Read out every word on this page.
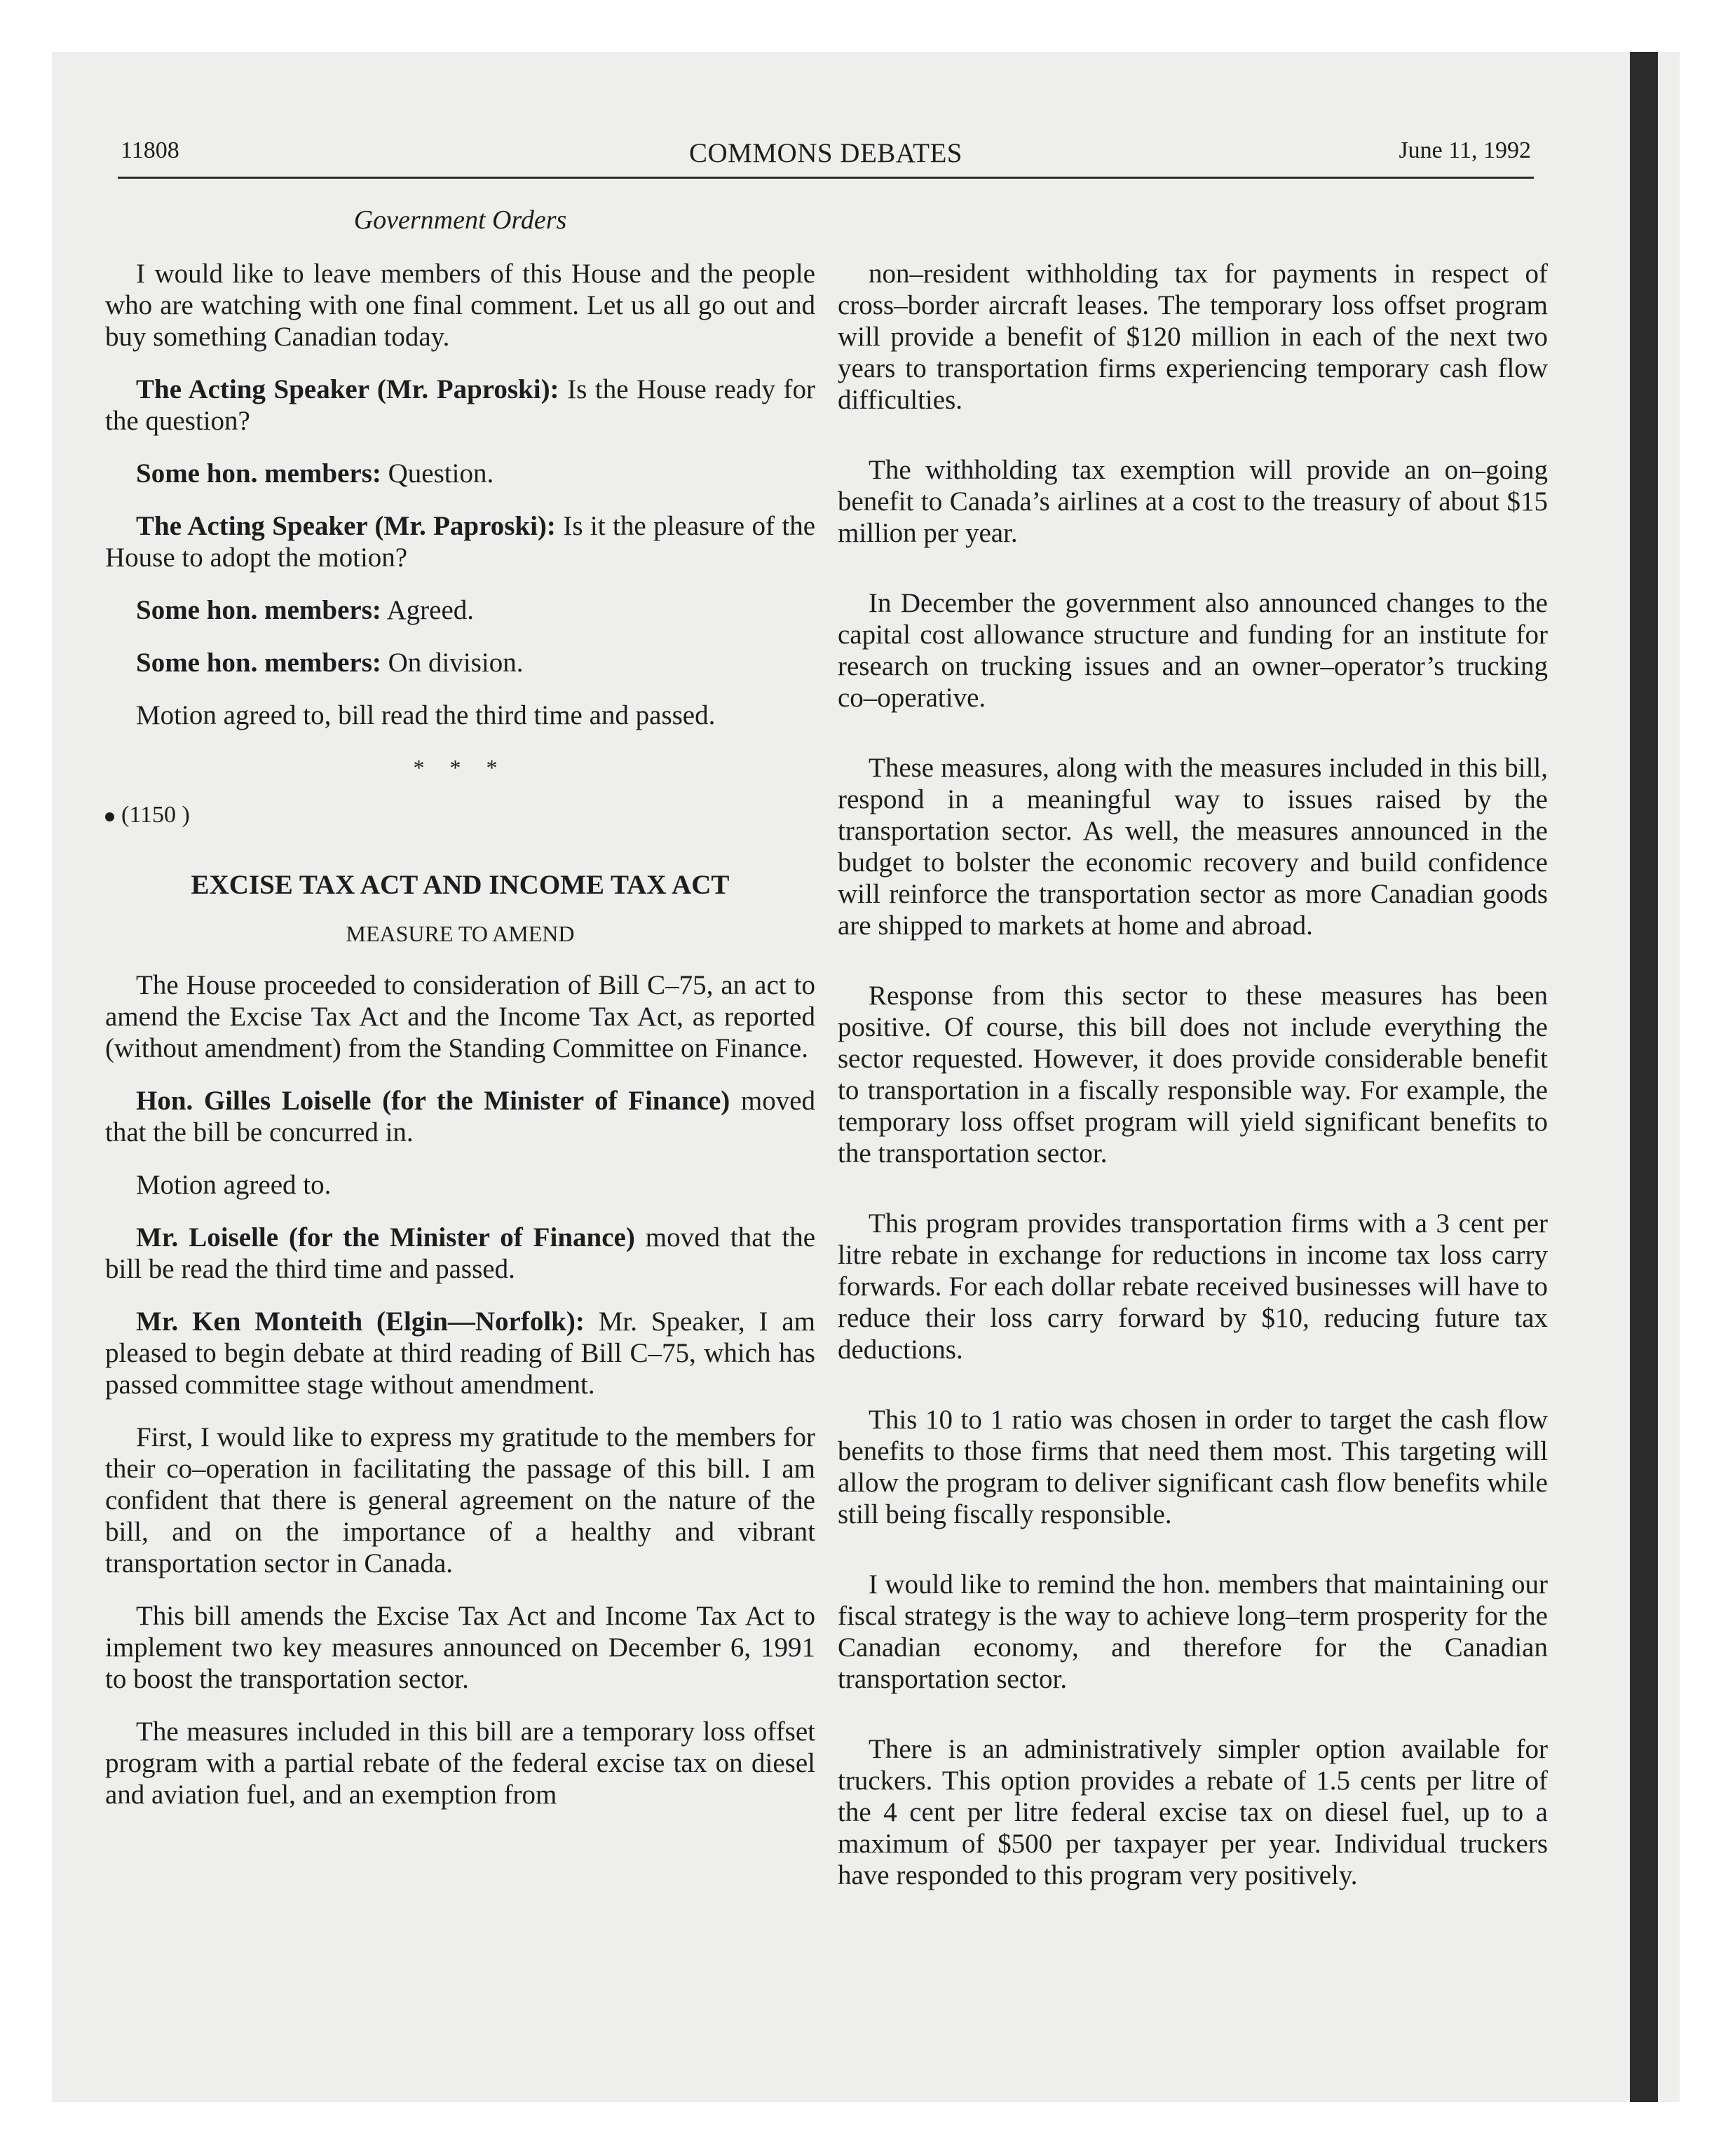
11808	COMMONS DEBATES	June 11, 1992
Government Orders

I would like to leave members of this House and the people who are watching with one final comment. Let us all go out and buy something Canadian today.

The Acting Speaker (Mr. Paproski): Is the House ready for the question?

Some hon. members: Question.

The Acting Speaker (Mr. Paproski): Is it the pleasure of the House to adopt the motion?

Some hon. members: Agreed.

Some hon. members: On division.

Motion agreed to, bill read the third time and passed.

* * *
(1150 )
EXCISE TAX ACT AND INCOME TAX ACT
MEASURE TO AMEND

The House proceeded to consideration of Bill C–75, an act to amend the Excise Tax Act and the Income Tax Act, as reported (without amendment) from the Standing Committee on Finance.

Hon. Gilles Loiselle (for the Minister of Finance) moved that the bill be concurred in.

Motion agreed to.

Mr. Loiselle (for the Minister of Finance) moved that the bill be read the third time and passed.

Mr. Ken Monteith (Elgin—Norfolk): Mr. Speaker, I am pleased to begin debate at third reading of Bill C–75, which has passed committee stage without amendment.

First, I would like to express my gratitude to the members for their co–operation in facilitating the passage of this bill. I am confident that there is general agreement on the nature of the bill, and on the importance of a healthy and vibrant transportation sector in Canada.

This bill amends the Excise Tax Act and Income Tax Act to implement two key measures announced on December 6, 1991 to boost the transportation sector.

The measures included in this bill are a temporary loss offset program with a partial rebate of the federal excise tax on diesel and aviation fuel, and an exemption from

non–resident withholding tax for payments in respect of cross–border aircraft leases. The temporary loss offset program will provide a benefit of $120 million in each of the next two years to transportation firms experiencing temporary cash flow difficulties.

The withholding tax exemption will provide an on–going benefit to Canada’s airlines at a cost to the treasury of about $15 million per year.

In December the government also announced changes to the capital cost allowance structure and funding for an institute for research on trucking issues and an owner–operator’s trucking co–operative.

These measures, along with the measures included in this bill, respond in a meaningful way to issues raised by the transportation sector. As well, the measures announced in the budget to bolster the economic recovery and build confidence will reinforce the transportation sector as more Canadian goods are shipped to markets at home and abroad.

Response from this sector to these measures has been positive. Of course, this bill does not include everything the sector requested. However, it does provide considerable benefit to transportation in a fiscally responsible way. For example, the temporary loss offset program will yield significant benefits to the transportation sector.

This program provides transportation firms with a 3 cent per litre rebate in exchange for reductions in income tax loss carry forwards. For each dollar rebate received businesses will have to reduce their loss carry forward by $10, reducing future tax deductions.

This 10 to 1 ratio was chosen in order to target the cash flow benefits to those firms that need them most. This targeting will allow the program to deliver significant cash flow benefits while still being fiscally responsible.

I would like to remind the hon. members that maintaining our fiscal strategy is the way to achieve long–term prosperity for the Canadian economy, and therefore for the Canadian transportation sector.

There is an administratively simpler option available for truckers. This option provides a rebate of 1.5 cents per litre of the 4 cent per litre federal excise tax on diesel fuel, up to a maximum of $500 per taxpayer per year. Individual truckers have responded to this program very positively.
